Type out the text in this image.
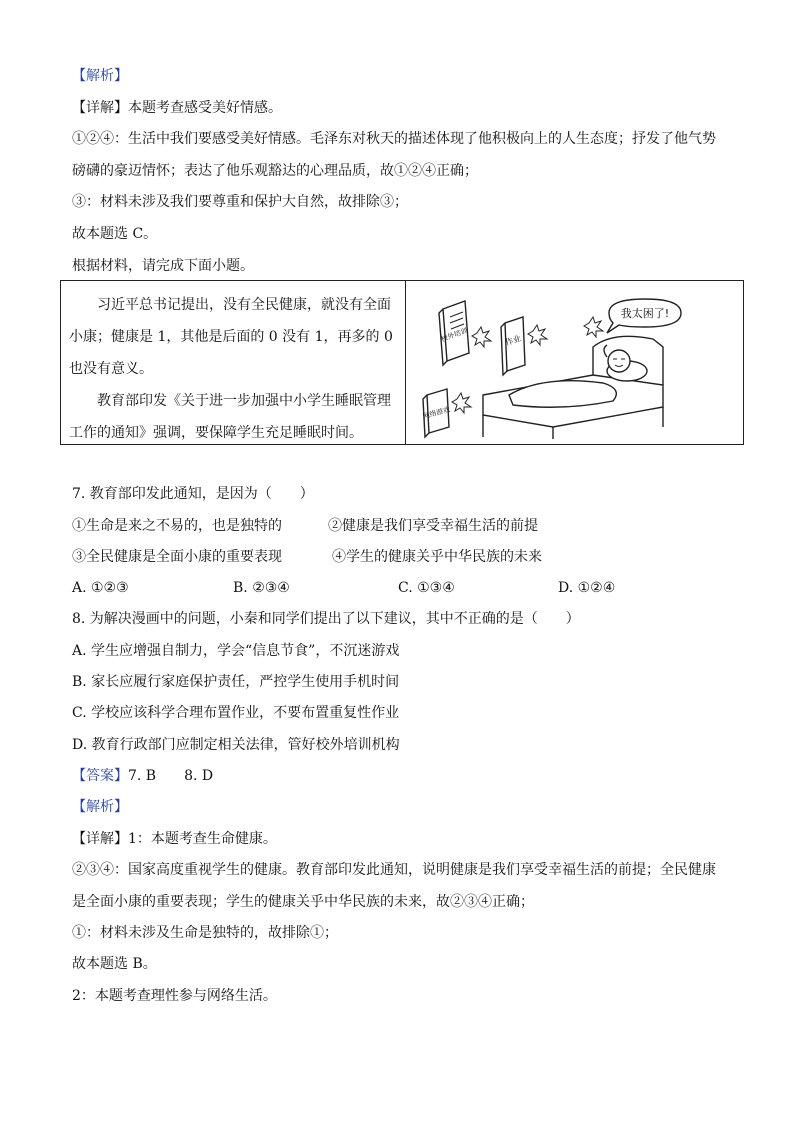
【解析】
【详解】本题考查感受美好情感。
①②④：生活中我们要感受美好情感。毛泽东对秋天的描述体现了他积极向上的人生态度；抒发了他气势
磅礴的豪迈情怀；表达了他乐观豁达的心理品质，故①②④正确；
③：材料未涉及我们要尊重和保护大自然，故排除③；
故本题选 C。
根据材料，请完成下面小题。

习近平总书记提出，没有全民健康，就没有全面小康；健康是 1，其他是后面的 0 没有 1，再多的 0 也没有意义。

教育部印发《关于进一步加强中小学生睡眠管理工作的通知》强调，要保障学生充足睡眠时间。

我太困了!
校外培训	作业
网络游戏
7. 教育部印发此通知，是因为（　　）
①生命是来之不易的，也是独特的	②健康是我们享受幸福生活的前提
③全民健康是全面小康的重要表现	④学生的健康关乎中华民族的未来
A. ①②③	B. ②③④	C. ①③④	D. ①②④
8. 为解决漫画中的问题，小秦和同学们提出了以下建议，其中不正确的是（　　）
A. 学生应增强自制力，学会“信息节食”，不沉迷游戏
B. 家长应履行家庭保护责任，严控学生使用手机时间
C. 学校应该科学合理布置作业，不要布置重复性作业
D. 教育行政部门应制定相关法律，管好校外培训机构
【答案】7. B　　8. D
【解析】
【详解】1：本题考查生命健康。
②③④：国家高度重视学生的健康。教育部印发此通知，说明健康是我们享受幸福生活的前提；全民健康
是全面小康的重要表现；学生的健康关乎中华民族的未来，故②③④正确；
①：材料未涉及生命是独特的，故排除①；
故本题选 B。
2：本题考查理性参与网络生活。
